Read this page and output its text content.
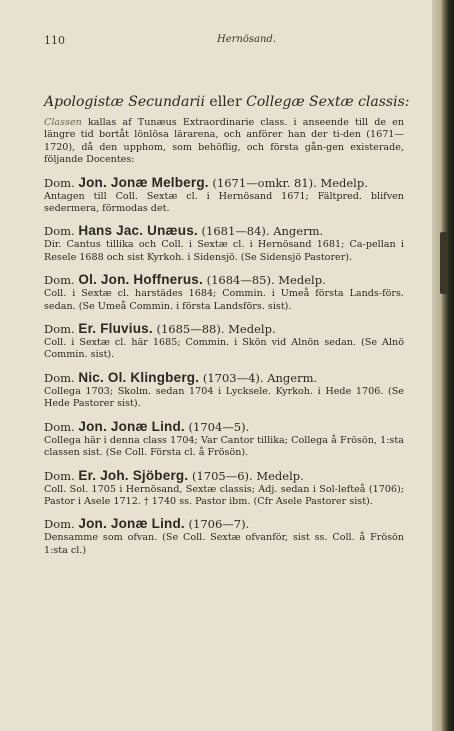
110	Hernösand.
Apologistæ Secundarii eller Collegæ Sextæ classis:

Classen kallas af Tunæus Extraordinarie class. i anseende till de en längre tid bortåt lönlösa lärarena, och anförer han der ti-den (1671—1720), då den upphom, som behöflig, och första gån-gen existerade, följande Docentes:

Dom. Jon. Jonæ Melberg. (1671—omkr. 81). Medelp.

Antagen till Coll. Sextæ cl. i Hernösand 1671; Fältpred. blifven sedermera, förmodas det.

Dom. Hans Jac. Unæus. (1681—84). Angerm.

Dir. Cantus tillika och Coll. i Sextæ cl. i Hernösand 1681; Ca-pellan i Resele 1688 och sist Kyrkoh. i Sidensjö. (Se Sidensjö Pastorer).

Dom. Ol. Jon. Hoffnerus. (1684—85). Medelp.

Coll. i Sextæ cl. harstädes 1684; Commin. i Umeå första Lands-förs. sedan. (Se Umeå Commin. i första Landsförs. sist).

Dom. Er. Fluvius. (1685—88). Medelp.

Coll. i Sextæ cl. här 1685; Commin. i Skön vid Alnön sedan. (Se Alnö Commin. sist).

Dom. Nic. Ol. Klingberg. (1703—4). Angerm.

Collega 1703; Skolm. sedan 1704 i Lycksele. Kyrkoh. i Hede 1706. (Se Hede Pastorer sist).

Dom. Jon. Jonæ Lind. (1704—5).

Collega här i denna class 1704; Var Cantor tillika; Collega å Frösön, 1:sta classen sist. (Se Coll. Första cl. å Frösön).

Dom. Er. Joh. Sjöberg. (1705—6). Medelp.

Coll. Sol. 1705 i Hernösand, Sextæ classis; Adj. sedan i Sol-lefteå (1706); Pastor i Asele 1712. † 1740 ss. Pastor ibm. (Cfr Asele Pastorer sist).

Dom. Jon. Jonæ Lind. (1706—7).

Densamme som ofvan. (Se Coll. Sextæ ofvanför, sist ss. Coll. å Frösön 1:sta cl.)
